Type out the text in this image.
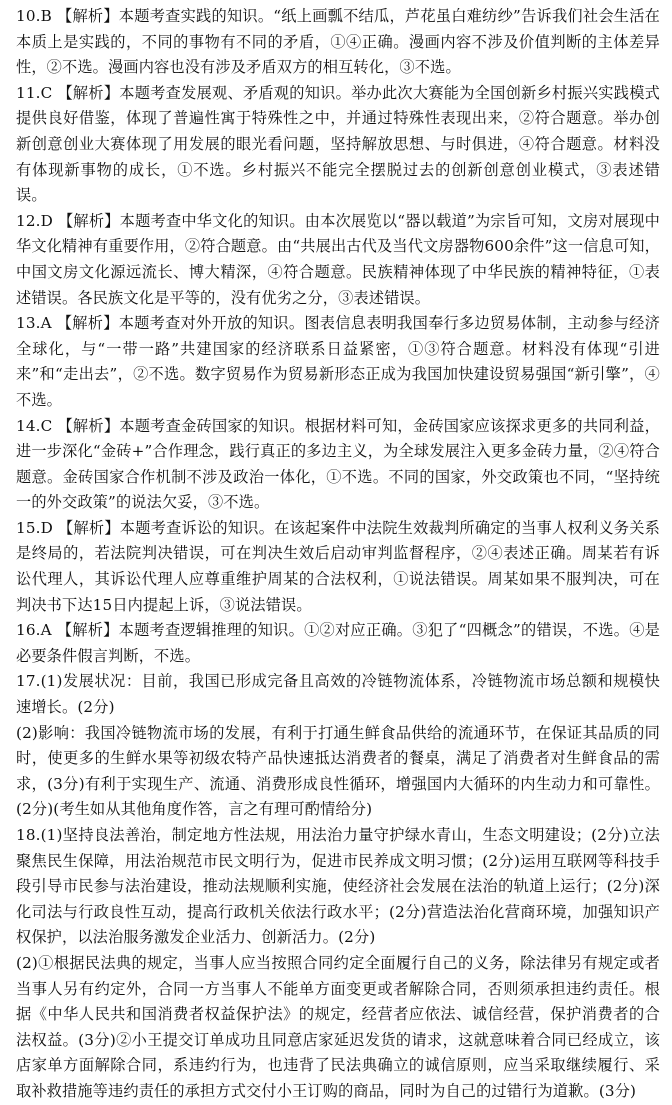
10.B 【解析】本题考查实践的知识。“纸上画瓢不结瓜，芦花虽白难纺纱”告诉我们社会生活在本质上是实践的，不同的事物有不同的矛盾，①④正确。漫画内容不涉及价值判断的主体差异性，②不选。漫画内容也没有涉及矛盾双方的相互转化，③不选。

11.C 【解析】本题考查发展观、矛盾观的知识。举办此次大赛能为全国创新乡村振兴实践模式提供良好借鉴，体现了普遍性寓于特殊性之中，并通过特殊性表现出来，②符合题意。举办创新创意创业大赛体现了用发展的眼光看问题，坚持解放思想、与时俱进，④符合题意。材料没有体现新事物的成长，①不选。乡村振兴不能完全摆脱过去的创新创意创业模式，③表述错误。

12.D 【解析】本题考查中华文化的知识。由本次展览以“器以载道”为宗旨可知，文房对展现中华文化精神有重要作用，②符合题意。由“共展出古代及当代文房器物600余件”这一信息可知，中国文房文化源远流长、博大精深，④符合题意。民族精神体现了中华民族的精神特征，①表述错误。各民族文化是平等的，没有优劣之分，③表述错误。

13.A 【解析】本题考查对外开放的知识。图表信息表明我国奉行多边贸易体制，主动参与经济全球化，与“一带一路”共建国家的经济联系日益紧密，①③符合题意。材料没有体现“引进来”和“走出去”，②不选。数字贸易作为贸易新形态正成为我国加快建设贸易强国“新引擎”，④不选。

14.C 【解析】本题考查金砖国家的知识。根据材料可知，金砖国家应该探求更多的共同利益，进一步深化“金砖+”合作理念，践行真正的多边主义，为全球发展注入更多金砖力量，②④符合题意。金砖国家合作机制不涉及政治一体化，①不选。不同的国家，外交政策也不同，“坚持统一的外交政策”的说法欠妥，③不选。

15.D 【解析】本题考查诉讼的知识。在该起案件中法院生效裁判所确定的当事人权利义务关系是终局的，若法院判决错误，可在判决生效后启动审判监督程序，②④表述正确。周某若有诉讼代理人，其诉讼代理人应尊重维护周某的合法权利，①说法错误。周某如果不服判决，可在判决书下达15日内提起上诉，③说法错误。

16.A 【解析】本题考查逻辑推理的知识。①②对应正确。③犯了“四概念”的错误，不选。④是必要条件假言判断，不选。

17.(1)发展状况：目前，我国已形成完备且高效的冷链物流体系，冷链物流市场总额和规模快速增长。(2分)

(2)影响：我国冷链物流市场的发展，有利于打通生鲜食品供给的流通环节，在保证其品质的同时，使更多的生鲜水果等初级农特产品快速抵达消费者的餐桌，满足了消费者对生鲜食品的需求，(3分)有利于实现生产、流通、消费形成良性循环，增强国内大循环的内生动力和可靠性。(2分)(考生如从其他角度作答，言之有理可酌情给分)

18.(1)坚持良法善治，制定地方性法规，用法治力量守护绿水青山，生态文明建设；(2分)立法聚焦民生保障，用法治规范市民文明行为，促进市民养成文明习惯；(2分)运用互联网等科技手段引导市民参与法治建设，推动法规顺利实施，使经济社会发展在法治的轨道上运行；(2分)深化司法与行政良性互动，提高行政机关依法行政水平；(2分)营造法治化营商环境，加强知识产权保护，以法治服务激发企业活力、创新活力。(2分)

(2)①根据民法典的规定，当事人应当按照合同约定全面履行自己的义务，除法律另有规定或者当事人另有约定外，合同一方当事人不能单方面变更或者解除合同，否则须承担违约责任。根据《中华人民共和国消费者权益保护法》的规定，经营者应依法、诚信经营，保护消费者的合法权益。(3分)②小王提交订单成功且同意店家延迟发货的请求，这就意味着合同已经成立，该店家单方面解除合同，系违约行为，也违背了民法典确立的诚信原则，应当采取继续履行、采取补救措施等违约责任的承担方式交付小王订购的商品，同时为自己的过错行为道歉。(3分)
